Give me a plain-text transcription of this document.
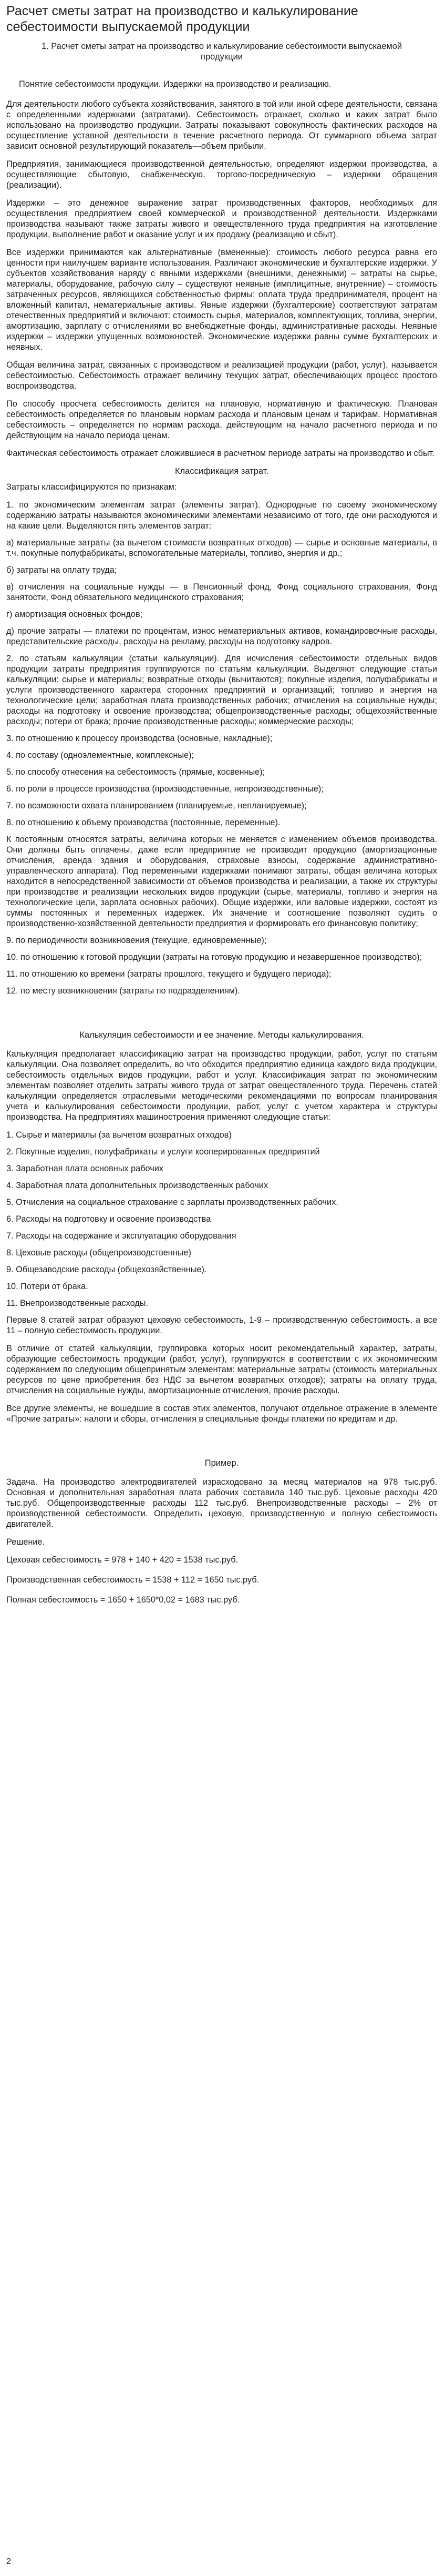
Расчет сметы затрат на производство и калькулирование себестоимости выпускаемой продукции
1. Расчет сметы затрат на производство и калькулирование себестоимости выпускаемой продукции
Понятие себестоимости продукции. Издержки на производство и реализацию.
Для деятельности любого субъекта хозяйствования, занятого в той или иной сфере деятельности, связана с определенными издержками (затратами). Себестоимость отражает, сколько и каких затрат было использовано на производство продукции. Затраты показывают совокупность фактических расходов на осуществление уставной деятельности в течение расчетного периода. От суммарного объема затрат зависит основной результирующий показатель—объем прибыли.
Предприятия, занимающиеся производственной деятельностью, определяют издержки производства, а осуществляющие сбытовую, снабженческую, торгово-посредническую – издержки обращения (реализации).
Издержки – это денежное выражение затрат производственных факторов, необходимых для осуществления предприятием своей коммерческой и производственной деятельности. Издержками производства называют также затраты живого и овеществленного труда предприятия на изготовление продукции, выполнение работ и оказание услуг и их продажу (реализацию и сбыт).
Все издержки принимаются как альтернативные (вмененные): стоимость любого ресурса равна его ценности при наилучшем варианте использования. Различают экономические и бухгалтерские издержки. У субъектов хозяйствования наряду с явными издержками (внешними, денежными) – затраты на сырье, материалы, оборудование, рабочую силу – существуют неявные (имплицитные, внутренние) – стоимость затраченных ресурсов, являющихся собственностью фирмы: оплата труда предпринимателя, процент на вложенный капитал, нематериальные активы. Явные издержки (бухгалтерские) соответствуют затратам отечественных предприятий и включают: стоимость сырья, материалов, комплектующих, топлива, энергии, амортизацию, зарплату с отчислениями во внебюджетные фонды, административные расходы. Неявные издержки – издержки упущенных возможностей. Экономические издержки равны сумме бухгалтерских и неявных.
Общая величина затрат, связанных с производством и реализацией продукции (работ, услуг), называется себестоимостью. Себестоимость отражает величину текущих затрат, обеспечивающих процесс простого воспроизводства.
По способу просчета себестоимость делится на плановую, нормативную и фактическую. Плановая себестоимость определяется по плановым нормам расхода и плановым ценам и тарифам. Нормативная себестоимость – определяется по нормам расхода, действующим на начало расчетного периода и по действующим на начало периода ценам.
Фактическая себестоимость отражает сложившиеся в расчетном периоде затраты на производство и сбыт.
Классификация затрат.
Затраты классифицируются по признакам:
1. по экономическим элементам затрат (элементы затрат). Однородные по своему экономическому содержанию затраты называются экономическими элементами независимо от того, где они расходуются и на какие цели. Выделяются пять элементов затрат:
а) материальные затраты (за вычетом стоимости возвратных отходов) — сырье и основные материалы, в т.ч. покупные полуфабрикаты, вспомогательные материалы, топливо, энергия и др.;
б) затраты на оплату труда;
в) отчисления на социальные нужды — в Пенсионный фонд, Фонд социального страхования, Фонд занятости, Фонд обязательного медицинского страхования;
г) амортизация основных фондов;
д) прочие затраты — платежи по процентам, износ нематериальных активов, командировочные расходы, представительские расходы, расходы на рекламу, расходы на подготовку кадров.
2. по статьям калькуляции (статьи калькуляции). Для исчисления себестоимости отдельных видов продукции затраты предприятия группируются по статьям калькуляции. Выделяют следующие статьи калькуляции: сырье и материалы; возвратные отходы (вычитаются); покупные изделия, полуфабрикаты и услуги производственного характера сторонних предприятий и организаций; топливо и энергия на технологические цели; заработная плата производственных рабочих; отчисления на социальные нужды; расходы на подготовку и освоение производства; общепроизводственные расходы; общехозяйственные расходы; потери от брака; прочие производственные расходы; коммерческие расходы;
3. по отношению к процессу производства (основные, накладные);
4. по составу (одноэлементные, комплексные);
5. по способу отнесения на себестоимость (прямые, косвенные);
6. по роли в процессе производства (производственные, непроизводственные);
7. по возможности охвата планированием (планируемые, непланируемые);
8. по отношению к объему производства (постоянные, переменные).
К постоянным относятся затраты, величина которых не меняется с изменением объемов производства. Они должны быть оплачены, даже если предприятие не производит продукцию (амортизационные отчисления, аренда здания и оборудования, страховые взносы, содержание административно-управленческого аппарата). Под переменными издержками понимают затраты, общая величина которых находится в непосредственной зависимости от объемов производства и реализации, а также их структуры при производстве и реализации нескольких видов продукции (сырье, материалы, топливо и энергия на технологические цели, зарплата основных рабочих). Общие издержки, или валовые издержки, состоят из суммы постоянных и переменных издержек. Их значение и соотношение позволяют судить о производственно-хозяйственной деятельности предприятия и формировать его финансовую политику;
9. по периодичности возникновения (текущие, единовременные);
10. по отношению к готовой продукции (затраты на готовую продукцию и незавершенное производство);
11. по отношению ко времени (затраты прошлого, текущего и будущего периода);
12. по месту возникновения (затраты по подразделениям).
Калькуляция себестоимости и ее значение. Методы калькулирования.
Калькуляция предполагает классификацию затрат на производство продукции, работ, услуг по статьям калькуляции. Она позволяет определить, во что обходится предприятию единица каждого вида продукции, себестоимость отдельных видов продукции, работ и услуг. Классификация затрат по экономическим элементам позволяет отделить затраты живого труда от затрат овеществленного труда. Перечень статей калькуляции определяется отраслевыми методическими рекомендациями по вопросам планирования учета и калькулирования себестоимости продукции, работ, услуг с учетом характера и структуры производства. На предприятиях машиностроения применяют следующие статьи:
1. Сырье и материалы (за вычетом возвратных отходов)
2. Покупные изделия, полуфабрикаты и услуги кооперированных предприятий
3. Заработная плата основных рабочих
4. Заработная плата дополнительных производственных рабочих
5. Отчисления на социальное страхование с зарплаты производственных рабочих.
6. Расходы на подготовку и освоение производства
7. Расходы на содержание и эксплуатацию оборудования
8. Цеховые расходы (общепроизводственные)
9. Общезаводские расходы (общехозяйственные).
10. Потери от брака.
11. Внепроизводственные расходы.
Первые 8 статей затрат образуют цеховую себестоимость, 1-9 – производственную себестоимость, а все 11 – полную себестоимость продукции.
В отличие от статей калькуляции, группировка которых носит рекомендательный характер, затраты, образующие себестоимость продукции (работ, услуг), группируются в соответствии с их экономическим содержанием по следующим общепринятым элементам: материальные затраты (стоимость материальных ресурсов по цене приобретения без НДС за вычетом возвратных отходов); затраты на оплату труда, отчисления на социальные нужды, амортизационные отчисления, прочие расходы.
Все другие элементы, не вошедшие в состав этих элементов, получают отдельное отражение в элементе «Прочие затраты»: налоги и сборы, отчисления в специальные фонды платежи по кредитам и др.
Пример.
Задача. На производство электродвигателей израсходовано за месяц материалов на 978 тыс.руб. Основная и дополнительная заработная плата рабочих составила 140 тыс.руб. Цеховые расходы 420 тыс.руб. Общепроизводственные расходы 112 тыс.руб. Внепроизводственные расходы – 2% от производственной себестоимости. Определить цеховую, производственную и полную себестоимость двигателей.
Решение.
Цеховая себестоимость = 978 + 140 + 420 = 1538 тыс.руб.
Производственная себестоимость = 1538 + 112 = 1650 тыс.руб.
Полная себестоимость = 1650 + 1650*0,02 = 1683 тыс.руб.
2
